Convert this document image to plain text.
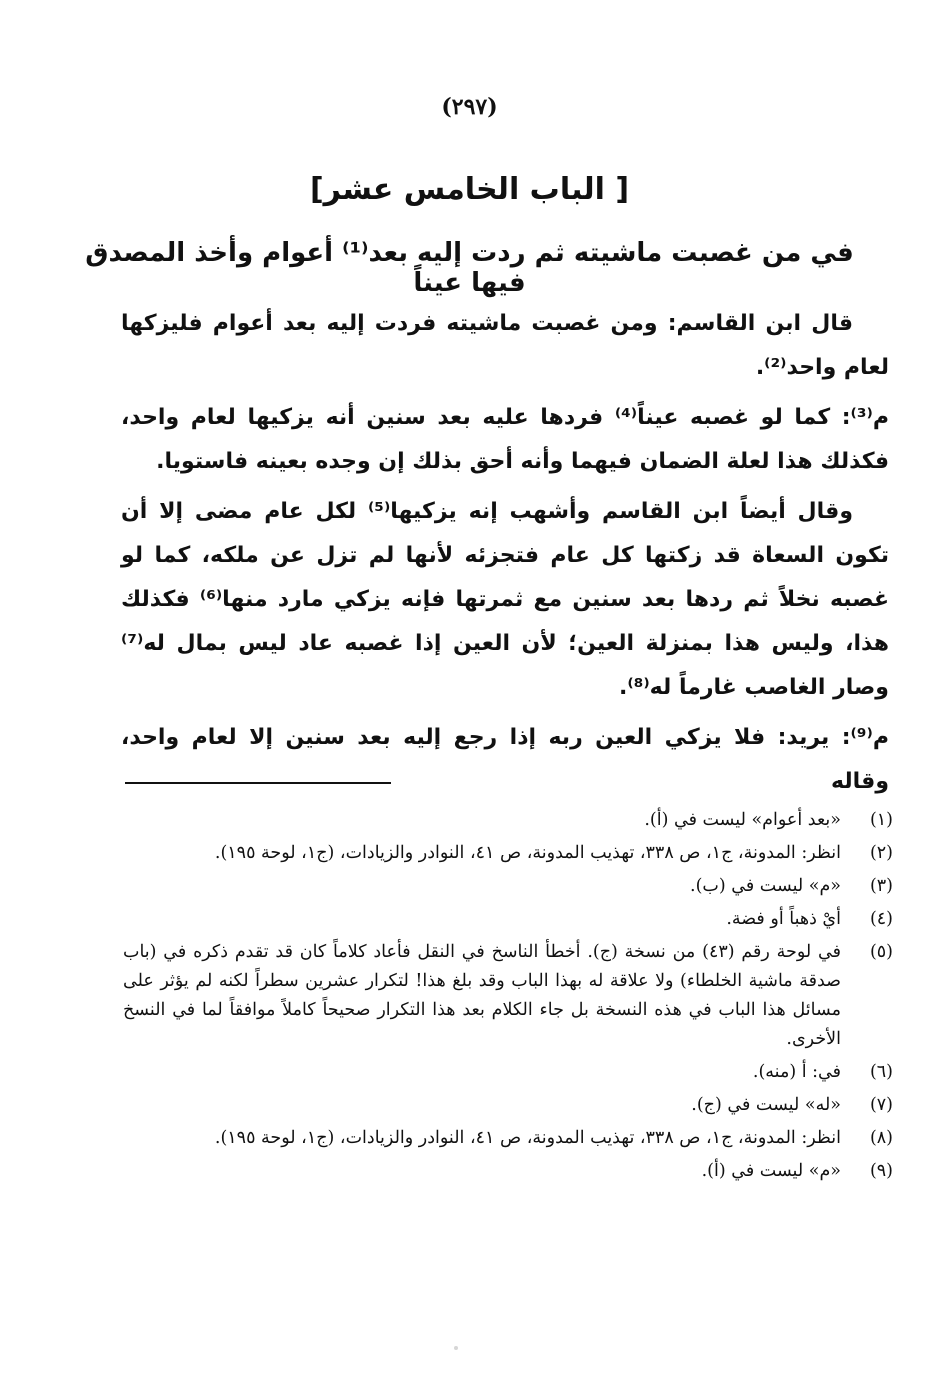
(٢٩٧)
[ الباب الخامس عشر]
في من غصبت ماشيته ثم ردت إليه بعد⁽¹⁾ أعوام وأخذ المصدق فيها عيناً

قال ابن القاسم: ومن غصبت ماشيته فردت إليه بعد أعوام فليزكها لعام واحد⁽²⁾.

م⁽³⁾: كما لو غصبه عيناً⁽⁴⁾ فردها عليه بعد سنين أنه يزكيها لعام واحد، فكذلك هذا لعلة الضمان فيهما وأنه أحق بذلك إن وجده بعينه فاستويا.

وقال أيضاً ابن القاسم وأشهب إنه يزكيها⁽⁵⁾ لكل عام مضى إلا أن تكون السعاة قد زكتها كل عام فتجزئه لأنها لم تزل عن ملكه، كما لو غصبه نخلاً ثم ردها بعد سنين مع ثمرتها فإنه يزكي مارد منها⁽⁶⁾ فكذلك هذا، وليس هذا بمنزلة العين؛ لأن العين إذا غصبه عاد ليس بمال له⁽⁷⁾ وصار الغاصب غارماً له⁽⁸⁾.

م⁽⁹⁾: يريد: فلا يزكي العين ربه إذا رجع إليه بعد سنين إلا لعام واحد، وقاله

(١)
«بعد أعوام» ليست في (أ).
(٢)
انظر: المدونة، ج١، ص ٣٣٨، تهذيب المدونة، ص ٤١، النوادر والزيادات، (ج١، لوحة ١٩٥).
(٣)
«م» ليست في (ب).
(٤)
أيْ ذهباً أو فضة.
(٥)
في لوحة رقم (٤٣) من نسخة (ج). أخطأ الناسخ في النقل فأعاد كلاماً كان قد تقدم ذكره في (باب صدقة ماشية الخلطاء) ولا علاقة له بهذا الباب وقد بلغ هذا! لتكرار عشرين سطراً لكنه لم يؤثر على مسائل هذا الباب في هذه النسخة بل جاء الكلام بعد هذا التكرار صحيحاً كاملاً موافقاً لما في النسخ الأخرى.
(٦)
في: أ (منه).
(٧)
«له» ليست في (ج).
(٨)
انظر: المدونة، ج١، ص ٣٣٨، تهذيب المدونة، ص ٤١، النوادر والزيادات، (ج١، لوحة ١٩٥).
(٩)
«م» ليست في (أ).
